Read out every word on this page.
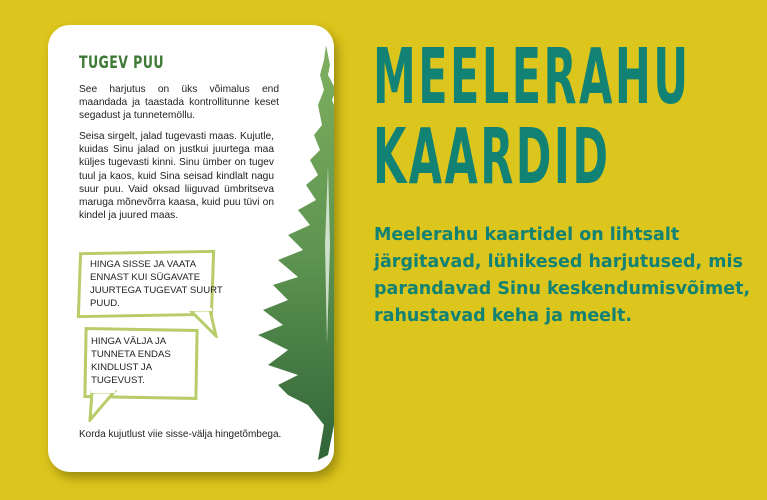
TUGEV PUU
See harjutus on üks võimalus end maandada ja taastada kontrollitunne keset segadust ja tunnetemöllu.
Seisa sirgelt, jalad tugevasti maas. Kujutle, kuidas Sinu jalad on justkui juurtega maa küljes tugevasti kinni. Sinu ümber on tugev tuul ja kaos, kuid Sina seisad kindlalt nagu suur puu. Vaid oksad liiguvad ümbritseva maruga mõnevõrra kaasa, kuid puu tüvi on kindel ja juured maas.
HINGA SISSE JA VAATA ENNAST KUI SÜGAVATE JUURTEGA TUGEVAT SUURT PUUD.
HINGA VÄLJA JA TUNNETA ENDAS KINDLUST JA TUGEVUST.
Korda kujutlust viie sisse-välja hingetõmbega.
MEELERAHU
KAARDID
Meelerahu kaartidel on lihtsalt järgitavad, lühikesed harjutused, mis parandavad Sinu keskendumisvõimet, rahustavad keha ja meelt.
